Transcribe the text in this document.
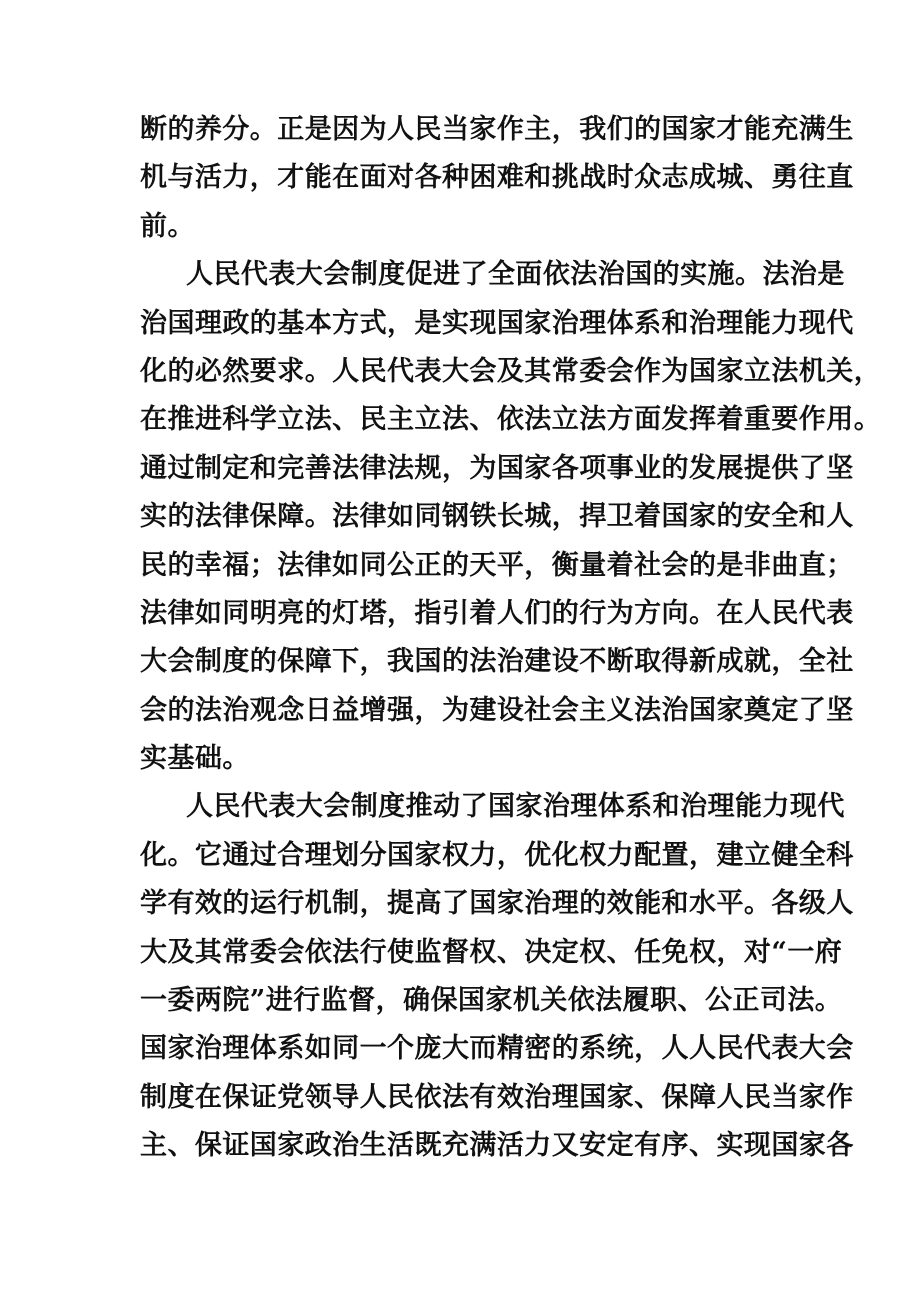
断的养分。正是因为人民当家作主，我们的国家才能充满生
机与活力，才能在面对各种困难和挑战时众志成城、勇往直
前。
人民代表大会制度促进了全面依法治国的实施。法治是
治国理政的基本方式，是实现国家治理体系和治理能力现代
化的必然要求。人民代表大会及其常委会作为国家立法机关，
在推进科学立法、民主立法、依法立法方面发挥着重要作用。
通过制定和完善法律法规，为国家各项事业的发展提供了坚
实的法律保障。法律如同钢铁长城，捍卫着国家的安全和人
民的幸福；法律如同公正的天平，衡量着社会的是非曲直；
法律如同明亮的灯塔，指引着人们的行为方向。在人民代表
大会制度的保障下，我国的法治建设不断取得新成就，全社
会的法治观念日益增强，为建设社会主义法治国家奠定了坚
实基础。
人民代表大会制度推动了国家治理体系和治理能力现代
化。它通过合理划分国家权力，优化权力配置，建立健全科
学有效的运行机制，提高了国家治理的效能和水平。各级人
大及其常委会依法行使监督权、决定权、任免权，对“一府
一委两院”进行监督，确保国家机关依法履职、公正司法。
国家治理体系如同一个庞大而精密的系统，人人民代表大会
制度在保证党领导人民依法有效治理国家、保障人民当家作
主、保证国家政治生活既充满活力又安定有序、实现国家各
